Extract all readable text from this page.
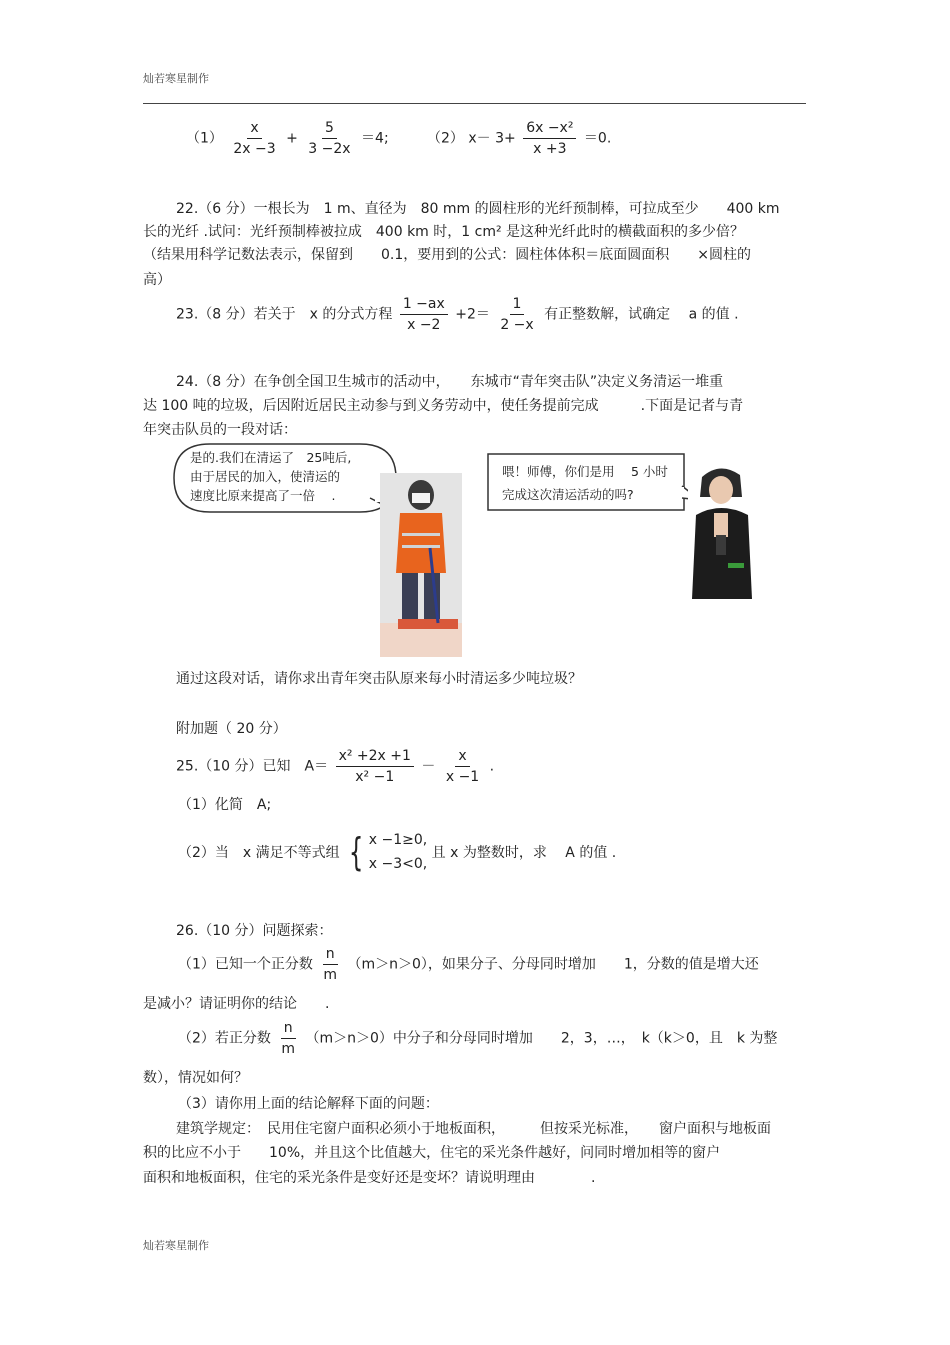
灿若寒星制作
$(1) \frac{x}{2x -3} + \frac{5}{3 -2x} =4$;	（2） $x- 3+ \frac{\text{6x −x²}}{x +3} =0$.
22.（6 分）一根长为　1 m、直径为　80 mm 的圆柱形的光纤预制棒，可拉成至少　　400 km
长的光纤 .试问：光纤预制棒被拉成　400 km 时，1 cm² 是这种光纤此时的横截面积的多少倍？
（结果用科学记数法表示，保留到　　0.1，要用到的公式：圆柱体体积＝底面圆面积　　×圆柱的
高）
23.（8 分）若关于　x 的分式方程 $\frac{1 -ax}{x -2} +2= \frac{1}{2 -x}$ 有正整数解，试确定　 a 的值 .
24.（8 分）在争创全国卫生城市的活动中，　　东城市“青年突击队”决定义务清运一堆重
达 100 吨的垃圾，后因附近居民主动参与到义务劳动中，使任务提前完成　　　.下面是记者与青
年突击队员的一段对话：
是的.我们在清运了　25吨后,
由于居民的加入，使清运的
速度比原来提高了一倍　 .
喂！师傅，你们是用　 5 小时
完成这次清运活动的吗?
通过这段对话，请你求出青年突击队原来每小时清运多少吨垃圾？
附加题（ 20 分）
25.（10 分）已知　$A= \frac{\text{x² +2x +1}}{\text{x² −1}} - \frac{x}{x -1}$ .
（1）化简　A;
（2）当　x 满足不等式组 { x −1≥0,
x −3<0,
且 x 为整数时，求　 A 的值 .
26.（10 分）问题探索：
（1）已知一个正分数 $\frac{n}{m} (m>n>0)$，如果分子、分母同时增加　　1，分数的值是增大还
是减小？请证明你的结论　　.
（2）若正分数 $\frac{n}{m} (m>n>0)$中分子和分母同时增加　　2，3，…，　k（k＞0，且　k 为整
数），情况如何？
（3）请你用上面的结论解释下面的问题：
建筑学规定：　民用住宅窗户面积必须小于地板面积，　　　但按采光标准，　　窗户面积与地板面
积的比应不小于　　10%，并且这个比值越大，住宅的采光条件越好，问同时增加相等的窗户
面积和地板面积，住宅的采光条件是变好还是变坏？请说明理由　　　　.
灿若寒星制作
